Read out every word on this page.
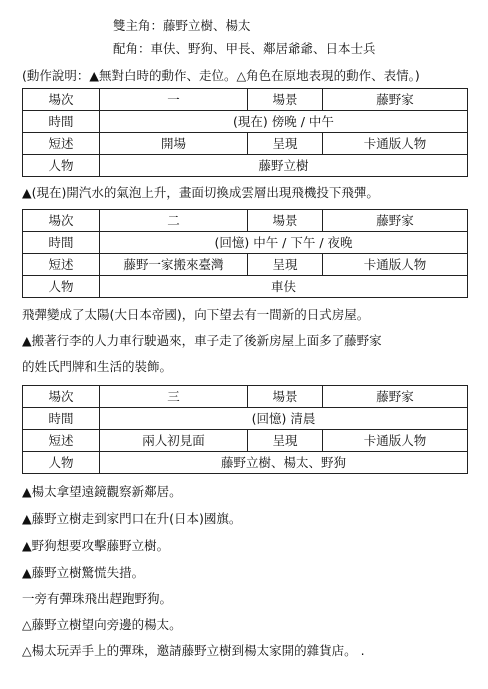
雙主角：藤野立樹、楊太
配角：車伕、野狗、甲長、鄰居爺爺、日本士兵
(動作說明：▲無對白時的動作、走位。△角色在原地表現的動作、表情。)
場次	一	場景	藤野家
時間	(現在) 傍晚 / 中午		
短述	開場	呈現	卡通版人物
人物	藤野立樹		
▲(現在)開汽水的氣泡上升，畫面切換成雲層出現飛機投下飛彈。
場次	二	場景	藤野家
時間	(回憶) 中午 / 下午 / 夜晚		
短述	藤野一家搬來臺灣	呈現	卡通版人物
人物	車伕		
飛彈變成了太陽(大日本帝國)，向下望去有一間新的日式房屋。
▲搬著行李的人力車行駛過來，車子走了後新房屋上面多了藤野家
的姓氏門牌和生活的裝飾。
場次	三	場景	藤野家
時間	(回憶) 清晨		
短述	兩人初見面	呈現	卡通版人物
人物	藤野立樹、楊太、野狗		
▲楊太拿望遠鏡觀察新鄰居。
▲藤野立樹走到家門口在升(日本)國旗。
▲野狗想要攻擊藤野立樹。
▲藤野立樹驚慌失措。
一旁有彈珠飛出趕跑野狗。
△藤野立樹望向旁邊的楊太。
△楊太玩弄手上的彈珠，邀請藤野立樹到楊太家開的雜貨店。 .
